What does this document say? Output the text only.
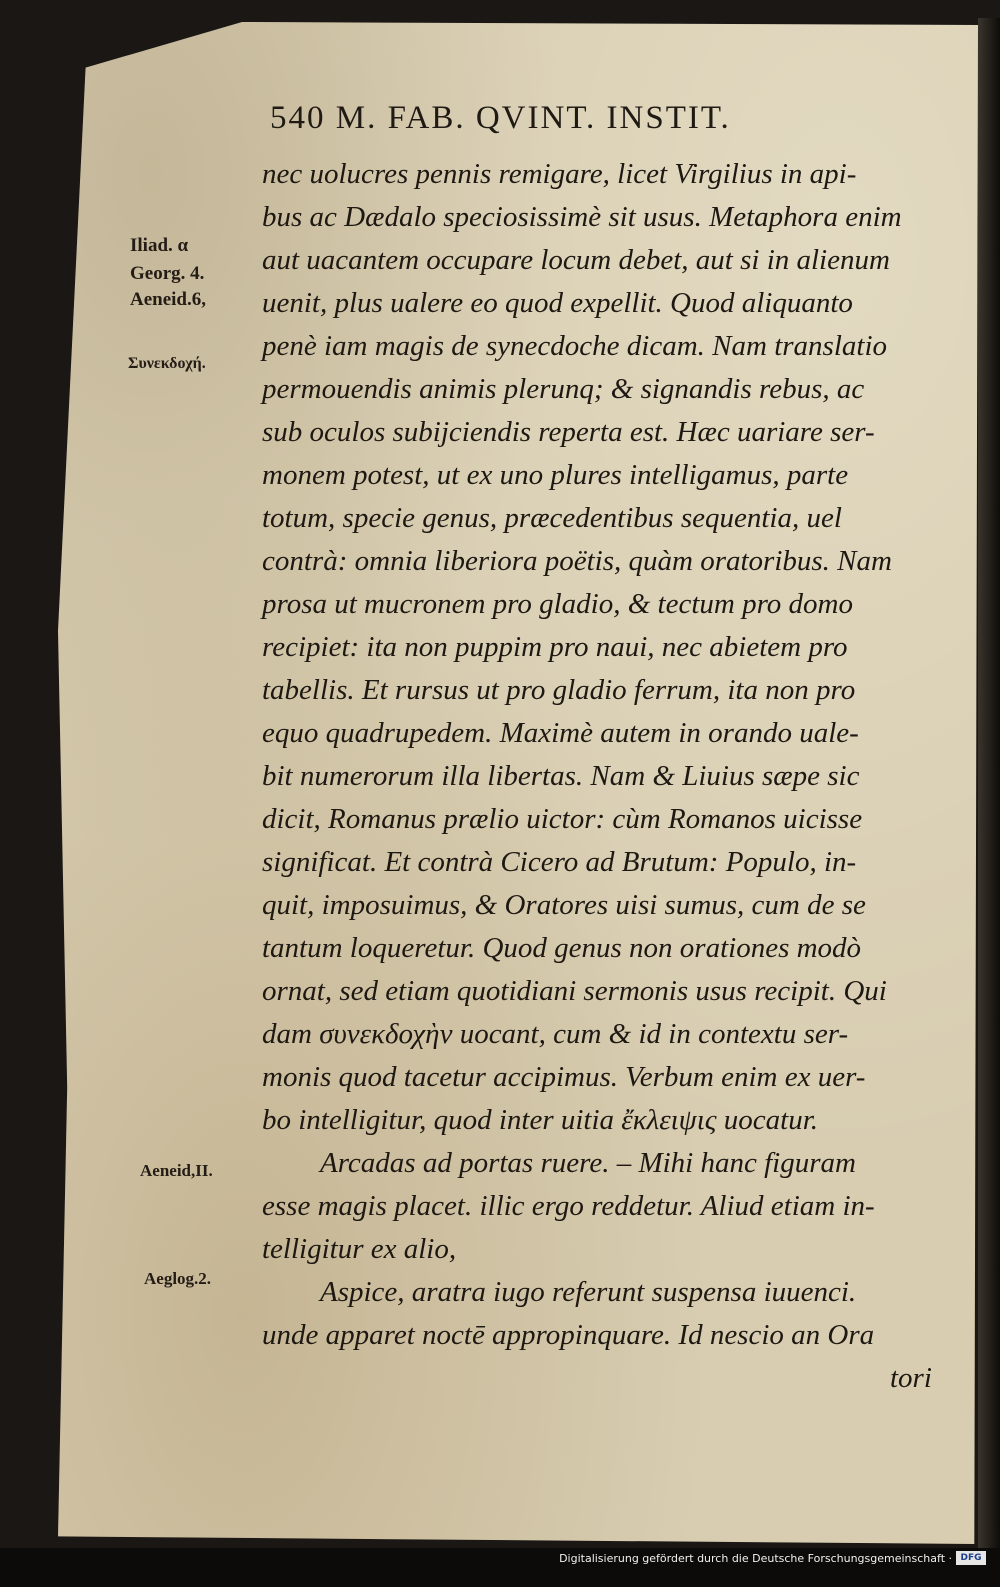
540 M. FAB. QVINT. INSTIT.
Iliad. α
Georg. 4.
Aeneid.6,
Συνεκδοχή.
Aeneid,II.
Aeglog.2.
nec uolucres pennis remigare, licet Virgilius in api-
bus ac Dædalo speciosissimè sit usus. Metaphora enim
aut uacantem occupare locum debet, aut si in alienum
uenit, plus ualere eo quod expellit. Quod aliquanto
penè iam magis de synecdoche dicam. Nam translatio
permouendis animis plerunq; & signandis rebus, ac
sub oculos subijciendis reperta est. Hæc uariare ser-
monem potest, ut ex uno plures intelligamus, parte
totum, specie genus, præcedentibus sequentia, uel
contrà: omnia liberiora poëtis, quàm oratoribus. Nam
prosa ut mucronem pro gladio, & tectum pro domo
recipiet: ita non puppim pro naui, nec abietem pro
tabellis. Et rursus ut pro gladio ferrum, ita non pro
equo quadrupedem. Maximè autem in orando uale-
bit numerorum illa libertas. Nam & Liuius sæpe sic
dicit, Romanus prælio uictor: cùm Romanos uicisse
significat. Et contrà Cicero ad Brutum: Populo, in-
quit, imposuimus, & Oratores uisi sumus, cum de se
tantum loqueretur. Quod genus non orationes modò
ornat, sed etiam quotidiani sermonis usus recipit. Qui
dam συνεκδοχὴν uocant, cum & id in contextu ser-
monis quod tacetur accipimus. Verbum enim ex uer-
bo intelligitur, quod inter uitia ἔκλειψις uocatur.
Arcadas ad portas ruere. – Mihi hanc figuram
esse magis placet. illic ergo reddetur. Aliud etiam in-
telligitur ex alio,
Aspice, aratra iugo referunt suspensa iuuenci.
unde apparet noctē appropinquare. Id nescio an Ora
tori
Digitalisierung gefördert durch die Deutsche Forschungsgemeinschaft · DFG
